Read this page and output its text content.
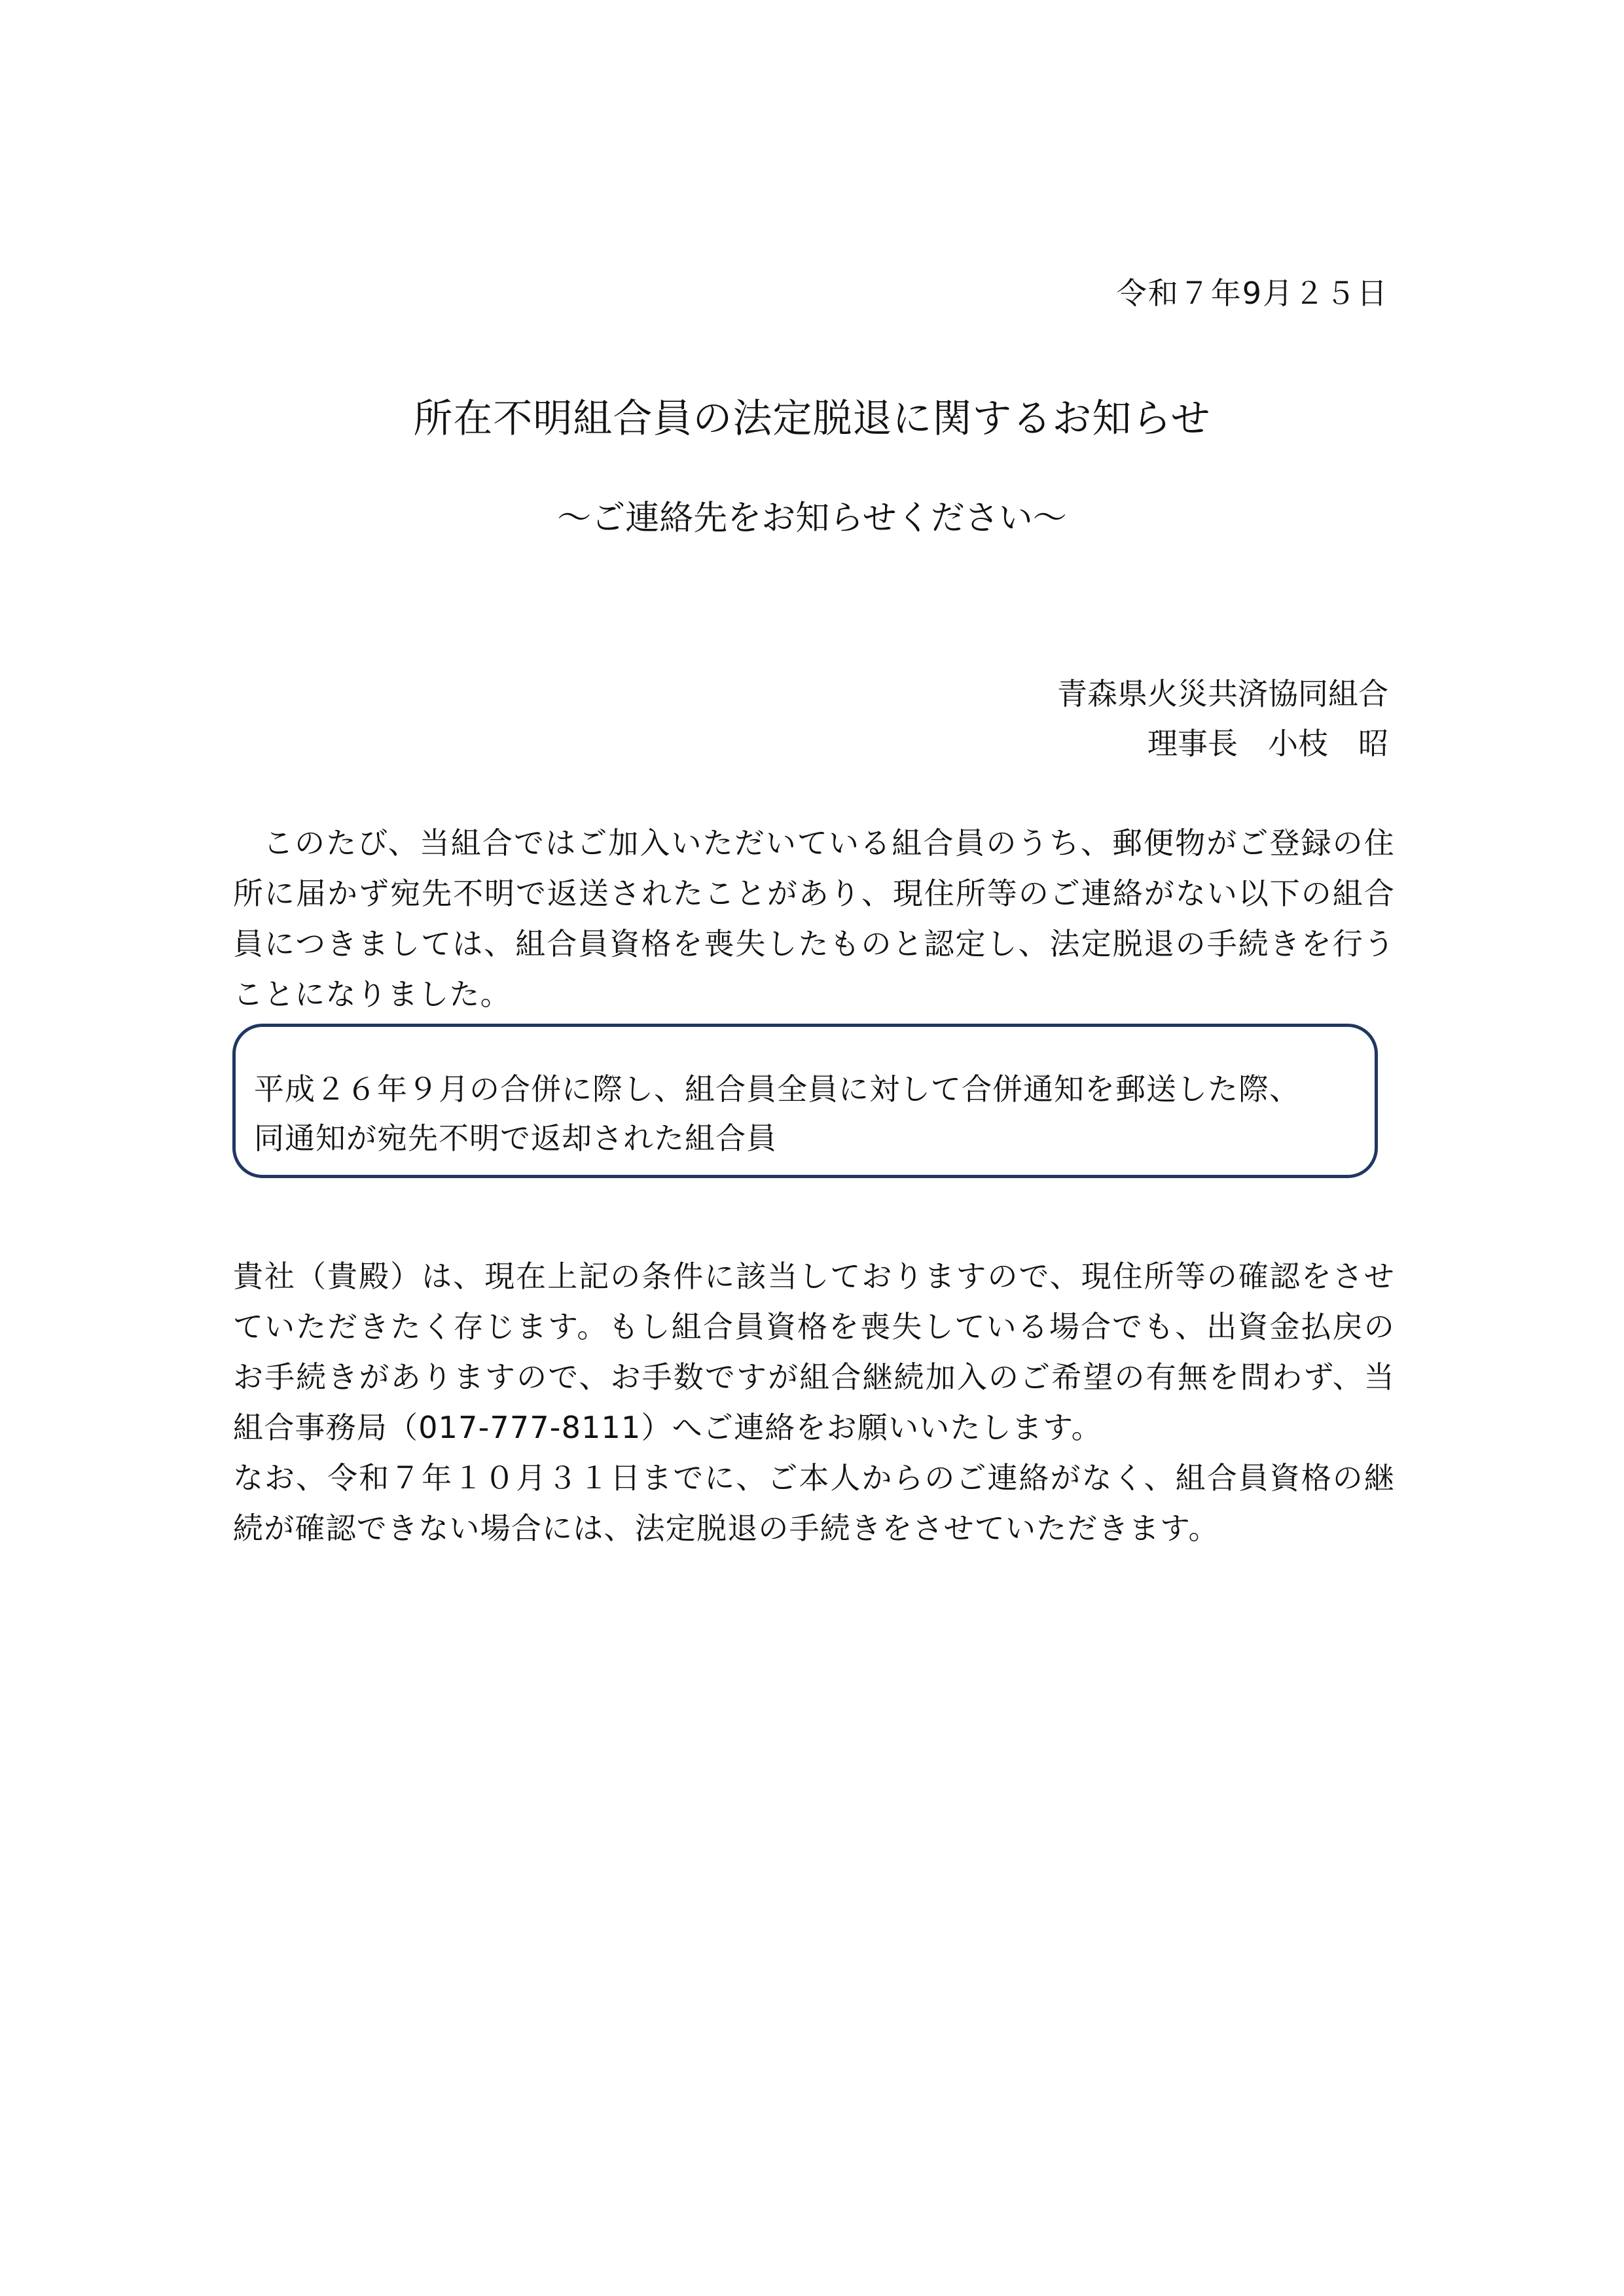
令和７年9月２５日
所在不明組合員の法定脱退に関するお知らせ
～ご連絡先をお知らせください～
青森県火災共済協同組合
理事長　小枝　昭

このたび、当組合ではご加入いただいている組合員のうち、郵便物がご登録の住所に届かず宛先不明で返送されたことがあり、現住所等のご連絡がない以下の組合員につきましては、組合員資格を喪失したものと認定し、法定脱退の手続きを行うことになりました。

平成２６年９月の合併に際し、組合員全員に対して合併通知を郵送した際、
同通知が宛先不明で返却された組合員

貴社（貴殿）は、現在上記の条件に該当しておりますので、現住所等の確認をさせていただきたく存じます。もし組合員資格を喪失している場合でも、出資金払戻のお手続きがありますので、お手数ですが組合継続加入のご希望の有無を問わず、当組合事務局（017-777-8111）へご連絡をお願いいたします。

なお、令和７年１０月３１日までに、ご本人からのご連絡がなく、組合員資格の継続が確認できない場合には、法定脱退の手続きをさせていただきます。
